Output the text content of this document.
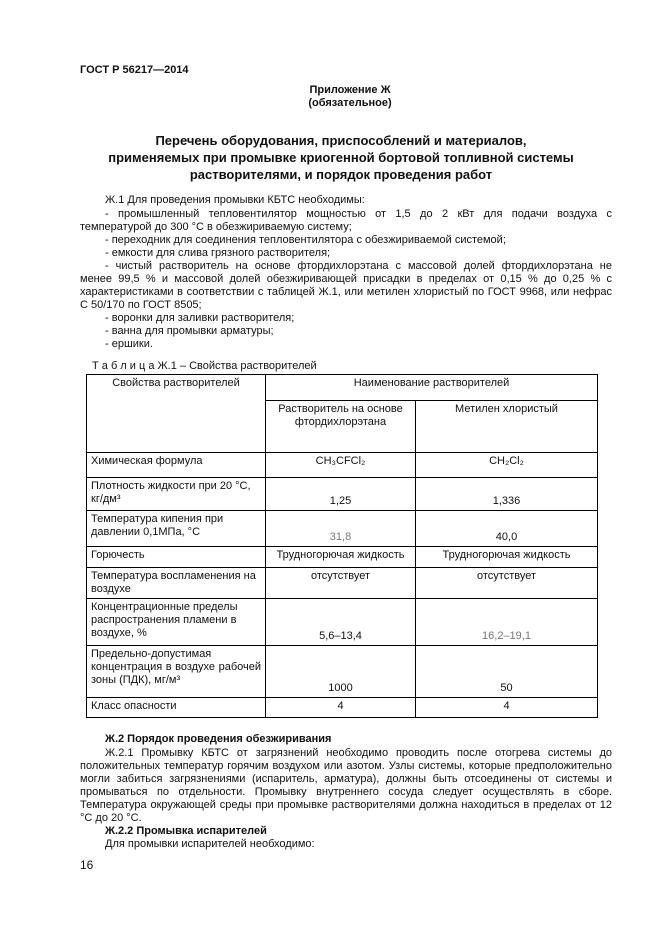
ГОСТ Р 56217—2014
Приложение Ж
(обязательное)
Перечень оборудования, приспособлений и материалов,
применяемых при промывке криогенной бортовой топливной системы
растворителями, и порядок проведения работ
Ж.1 Для проведения промывки КБТС необходимы:
- промышленный тепловентилятор мощностью от 1,5 до 2 кВт для подачи воздуха с
температурой до 300 °С в обезжириваемую систему;
- переходник для соединения тепловентилятора с обезжириваемой системой;
- емкости для слива грязного растворителя;
- чистый растворитель на основе фтордихлорэтана с массовой долей фтордихлорэтана не
менее 99,5 % и массовой долей обезжиривающей присадки в пределах от 0,15 % до 0,25 % с
характеристиками в соответствии с таблицей Ж.1, или метилен хлористый по ГОСТ 9968, или нефрас
С 50/170 по ГОСТ 8505;
- воронки для заливки растворителя;
- ванна для промывки арматуры;
- ершики.
Т а б л и ц а Ж.1 – Свойства растворителей
Свойства растворителей	Наименование растворителей	
	Растворитель на основе фтордихлорэтана	Метилен хлористый
Химическая формула	CH₃CFCl₂	CH₂Cl₂
Плотность жидкости при 20 °С, кг/дм³	1,25	1,336
Температура кипения при давлении 0,1МПа, °С	31,8	40,0
Горючесть	Трудногорючая жидкость	Трудногорючая жидкость
Температура воспламенения на воздухе	отсутствует	отсутствует
Концентрационные пределы распространения пламени в воздухе, %	5,6–13,4	16,2–19,1
Предельно-допустимая концентрация в воздухе рабочей зоны (ПДК), мг/м³	1000	50
Класс опасности	4	4
Ж.2 Порядок проведения обезжиривания
Ж.2.1 Промывку КБТС от загрязнений необходимо проводить после отогрева системы до
положительных температур горячим воздухом или азотом. Узлы системы, которые предположительно
могли забиться загрязнениями (испаритель, арматура), должны быть отсоединены от системы и
промываться по отдельности. Промывку внутреннего сосуда следует осуществлять в сборе.
Температура окружающей среды при промывке растворителями должна находиться в пределах от 12
°С до 20 °С.
Ж.2.2 Промывка испарителей
Для промывки испарителей необходимо:
16
